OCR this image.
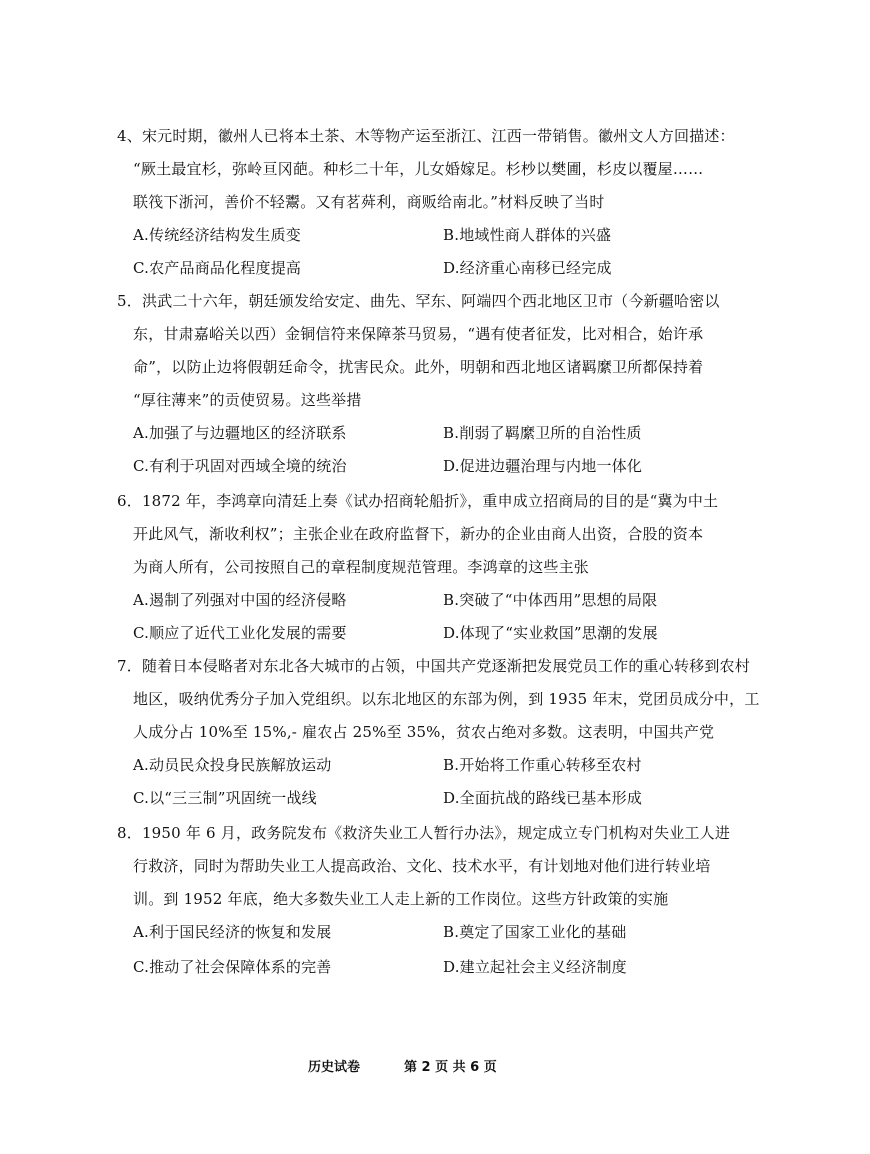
4、宋元时期，徽州人已将本土茶、木等物产运至浙江、江西一带销售。徽州文人方回描述：
“厥土最宜杉，弥岭亘冈葩。种杉二十年，儿女婚嫁足。杉杪以樊圃，杉皮以覆屋……
联筏下浙河，善价不轻鬻。又有茗荈利，商贩给南北。”材料反映了当时
A.传统经济结构发生质变	B.地域性商人群体的兴盛
C.农产品商品化程度提高	D.经济重心南移已经完成
5．洪武二十六年，朝廷颁发给安定、曲先、罕东、阿端四个西北地区卫市（今新疆哈密以
东，甘肃嘉峪关以西）金铜信符来保障茶马贸易，“遇有使者征发，比对相合，始许承
命”，以防止边将假朝廷命令，扰害民众。此外，明朝和西北地区诸羁縻卫所都保持着
“厚往薄来”的贡使贸易。这些举措
A.加强了与边疆地区的经济联系	B.削弱了羁縻卫所的自治性质
C.有利于巩固对西域全境的统治	D.促进边疆治理与内地一体化
6．1872 年，李鸿章向清廷上奏《试办招商轮船折》，重申成立招商局的目的是“冀为中土
开此风气，渐收利权”；主张企业在政府监督下，新办的企业由商人出资，合股的资本
为商人所有，公司按照自己的章程制度规范管理。李鸿章的这些主张
A.遏制了列强对中国的经济侵略	B.突破了“中体西用”思想的局限
C.顺应了近代工业化发展的需要	D.体现了“实业救国”思潮的发展
7．随着日本侵略者对东北各大城市的占领，中国共产党逐渐把发展党员工作的重心转移到农村
地区，吸纳优秀分子加入党组织。以东北地区的东部为例，到 1935 年末，党团员成分中，工
人成分占 10%至 15%,- 雇农占 25%至 35%，贫农占绝对多数。这表明，中国共产党
A.动员民众投身民族解放运动	B.开始将工作重心转移至农村
C.以“三三制”巩固统一战线	D.全面抗战的路线已基本形成
8．1950 年 6 月，政务院发布《救济失业工人暂行办法》，规定成立专门机构对失业工人进
行救济，同时为帮助失业工人提高政治、文化、技术水平，有计划地对他们进行转业培
训。到 1952 年底，绝大多数失业工人走上新的工作岗位。这些方针政策的实施
A.利于国民经济的恢复和发展	B.奠定了国家工业化的基础
C.推动了社会保障体系的完善	D.建立起社会主义经济制度
历史试卷	第 2 页 共 6 页
